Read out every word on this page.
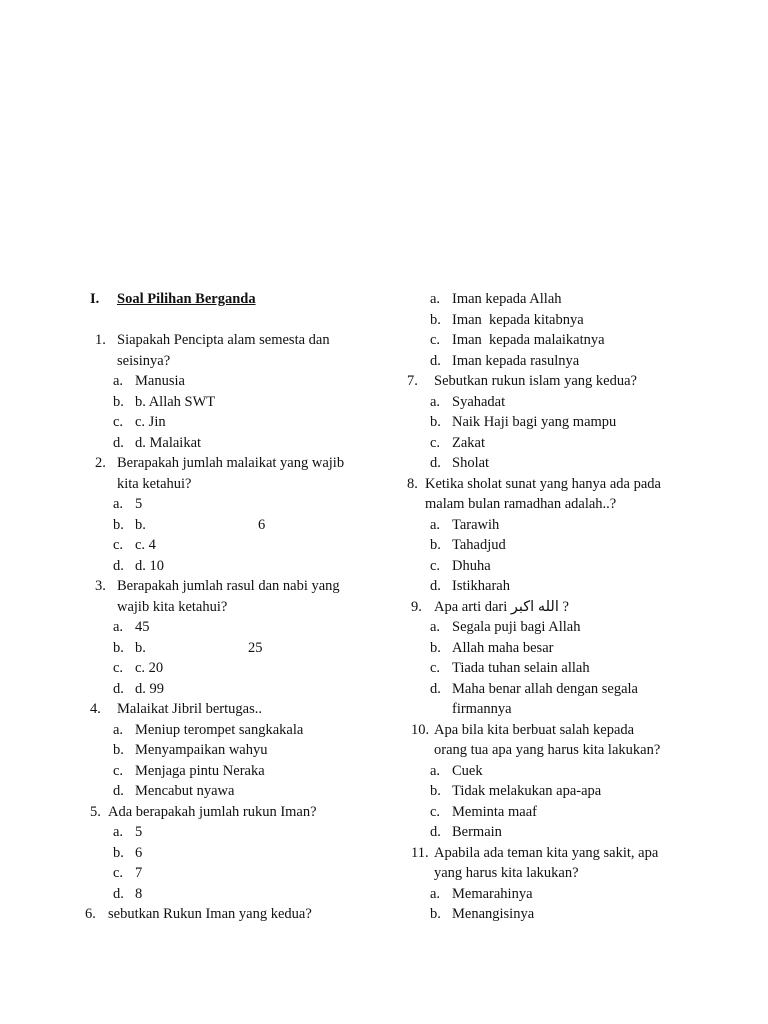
I. Soal Pilihan Berganda
1. Siapakah Pencipta alam semesta dan
seisinya?
a. Manusia
b. b. Allah SWT
c. c. Jin
d. d. Malaikat
2. Berapakah jumlah malaikat yang wajib
kita ketahui?
a. 5
b. b.	6
c. c. 4
d. d. 10
3. Berapakah jumlah rasul dan nabi yang
wajib kita ketahui?
a. 45
b. b.	25
c. c. 20
d. d. 99
4. Malaikat Jibril bertugas..
a. Meniup terompet sangkakala
b. Menyampaikan wahyu
c. Menjaga pintu Neraka
d. Mencabut nyawa
5. Ada berapakah jumlah rukun Iman?
a. 5
b. 6
c. 7
d. 8
6. sebutkan Rukun Iman yang kedua?
a. Iman kepada Allah
b. Iman  kepada kitabnya
c. Iman  kepada malaikatnya
d. Iman kepada rasulnya
7. Sebutkan rukun islam yang kedua?
a. Syahadat
b. Naik Haji bagi yang mampu
c. Zakat
d. Sholat
8. Ketika sholat sunat yang hanya ada pada
malam bulan ramadhan adalah..?
a. Tarawih
b. Tahadjud
c. Dhuha
d. Istikharah
9. Apa arti dari الله اكبر ?
a. Segala puji bagi Allah
b. Allah maha besar
c. Tiada tuhan selain allah
d. Maha benar allah dengan segala
firmannya
10. Apa bila kita berbuat salah kepada
orang tua apa yang harus kita lakukan?
a. Cuek
b. Tidak melakukan apa-apa
c. Meminta maaf
d. Bermain
11. Apabila ada teman kita yang sakit, apa
yang harus kita lakukan?
a. Memarahinya
b. Menangisinya
